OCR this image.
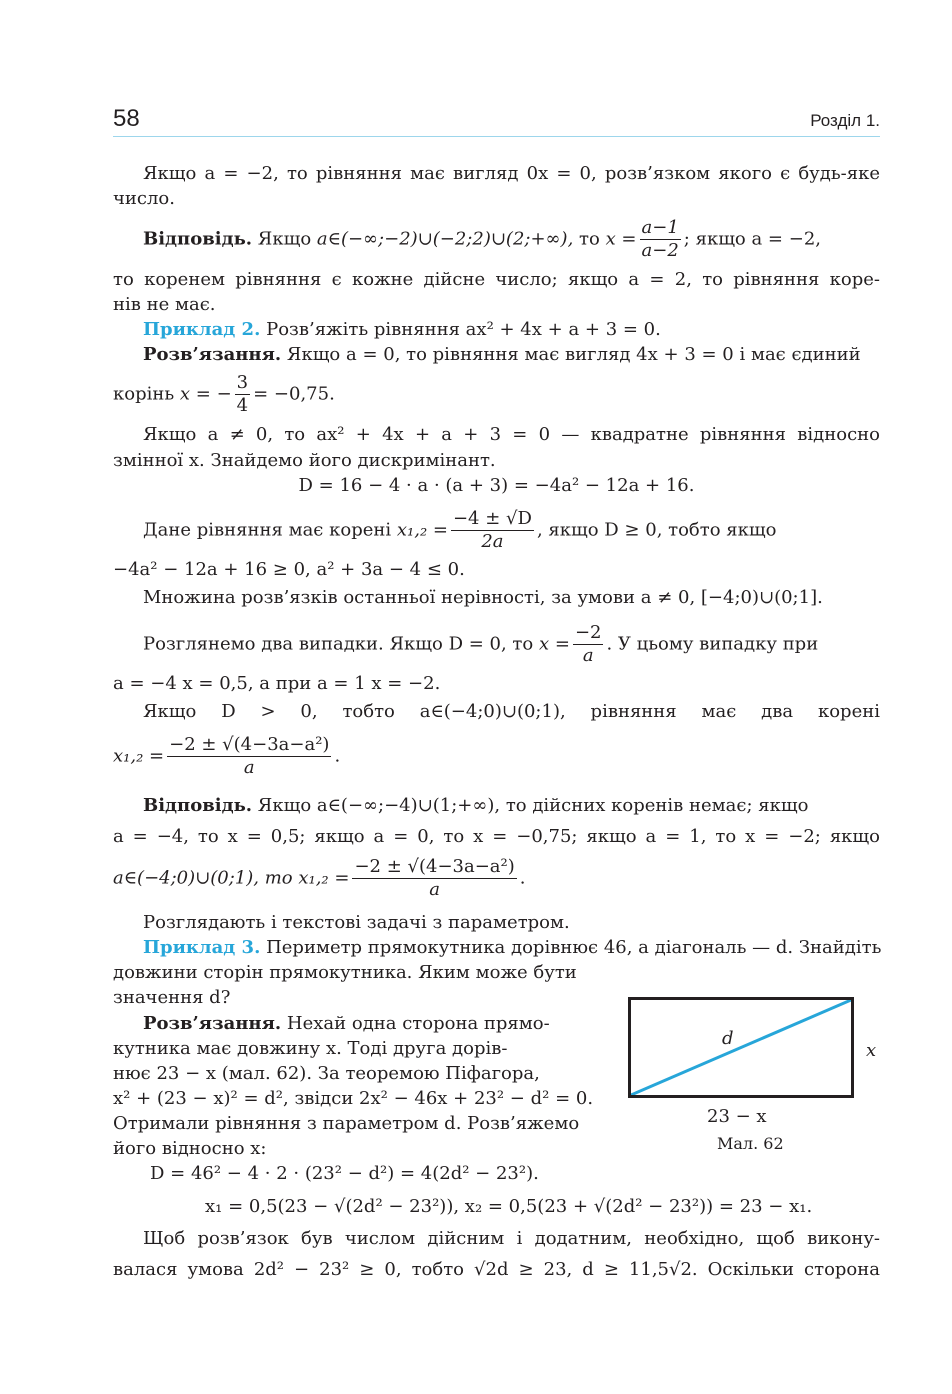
58	Розділ 1.
Якщо a = −2, то рівняння має вигляд 0x = 0, розв’язком якого є будь-яке
число.
Відповідь. Якщо a∈(−∞;−2)∪(−2;2)∪(2;+∞), то $x = \frac{a-1}{a-2}$ ; якщо a = −2,
то коренем рівняння є кожне дійсне число; якщо a = 2, то рівняння коре-
нів не має.
Приклад 2. Розв’яжіть рівняння ax² + 4x + a + 3 = 0.
Розв’язання. Якщо a = 0, то рівняння має вигляд 4x + 3 = 0 і має єдиний
корінь x = − $\frac{3}{4} = -0,75$.
Якщо a ≠ 0, то ax² + 4x + a + 3 = 0 — квадратне рівняння відносно
змінної x. Знайдемо його дискримінант.
D = 16 − 4 · a · (a + 3) = −4a² − 12a + 16.
Дане рівняння має корені $x_1,_2 = \frac{-4 \pm √D}{2a}$ , якщо D ≥ 0, тобто якщо
−4a² − 12a + 16 ≥ 0, a² + 3a − 4 ≤ 0.
Множина розв’язків останньої нерівності, за умови a ≠ 0, [−4;0)∪(0;1].
Розглянемо два випадки. Якщо D = 0, то $x = \frac{-2}{a}$ . У цьому випадку при
a = −4 x = 0,5, а при a = 1 x = −2.
Якщо D > 0, тобто a∈(−4;0)∪(0;1), рівняння має два корені
$x_1,_2 = \frac{\text{−2 ± √(4−3a−a²)}}{a}$ .
Відповідь. Якщо a∈(−∞;−4)∪(1;+∞), то дійсних коренів немає; якщо
a = −4, то x = 0,5; якщо a = 0, то x = −0,75; якщо a = 1, то x = −2; якщо
a∈(−4;0)∪(0;1), то $x_1,_2 = \frac{\text{−2 ± √(4−3a−a²)}}{a}$ .
Розглядають і текстові задачі з параметром.
Приклад 3. Периметр прямокутника дорівнює 46, а діагональ — d. Знайдіть
довжини сторін прямокутника. Яким може бути
значення d?
Розв’язання. Нехай одна сторона прямо-
кутника має довжину x. Тоді друга дорів-
нює 23 − x (мал. 62). За теоремою Піфагора,
x² + (23 − x)² = d², звідси 2x² − 46x + 23² − d² = 0.
Отримали рівняння з параметром d. Розв’яжемо
його відносно x:
D = 46² − 4 · 2 · (23² − d²) = 4(2d² − 23²).
x₁ = 0,5(23 − √(2d² − 23²)), x₂ = 0,5(23 + √(2d² − 23²)) = 23 − x₁.
Щоб розв’язок був числом дійсним і додатним, необхідно, щоб викону-
валася умова 2d² − 23² ≥ 0, тобто √2d ≥ 23, d ≥ 11,5√2. Оскільки сторона
d
x
23 − x
Мал. 62
